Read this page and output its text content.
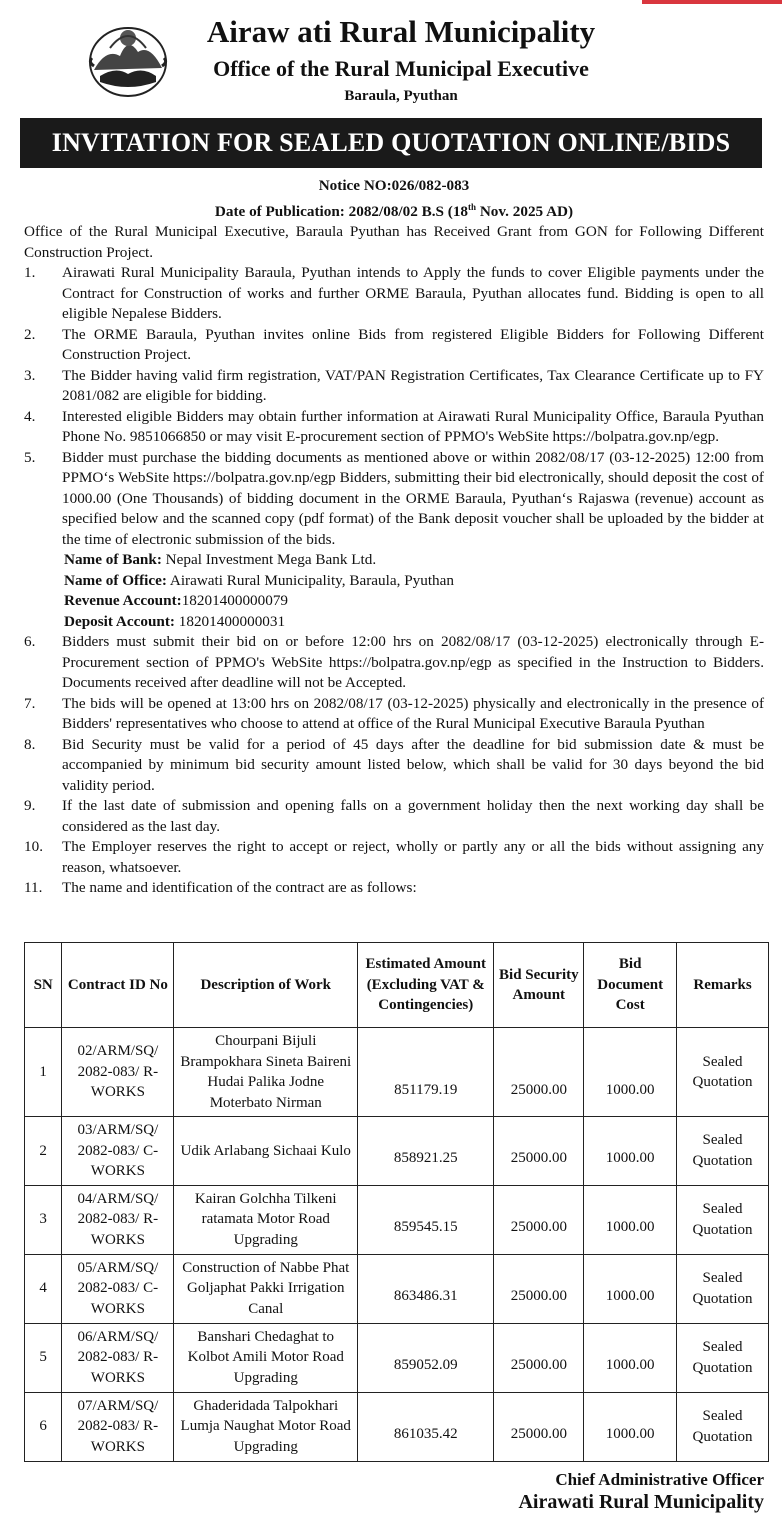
Airaw ati Rural Municipality
Office of the Rural Municipal Executive
Baraula, Pyuthan
INVITATION FOR SEALED QUOTATION ONLINE/BIDS
Notice NO:026/082-083
Date of Publication: 2082/08/02 B.S (18th Nov. 2025 AD)
Office of the Rural Municipal Executive, Baraula Pyuthan has Received Grant from GON for Following Different Construction Project.
1.	Airawati Rural Municipality Baraula, Pyuthan intends to Apply the funds to cover Eligible payments under the Contract for Construction of works and further ORME Baraula, Pyuthan allocates fund. Bidding is open to all eligible Nepalese Bidders.
2.	The ORME Baraula, Pyuthan invites online Bids from registered Eligible Bidders for Following Different Construction Project.
3.	The Bidder having valid firm registration, VAT/PAN Registration Certificates, Tax Clearance Certificate up to FY 2081/082 are eligible for bidding.
4.	Interested eligible Bidders may obtain further information at Airawati Rural Municipality Office, Baraula Pyuthan Phone No. 9851066850 or may visit E-procurement section of PPMO's WebSite https://bolpatra.gov.np/egp.
5.	Bidder must purchase the bidding documents as mentioned above or within 2082/08/17 (03-12-2025) 12:00 from PPMO‘s WebSite https://bolpatra.gov.np/egp Bidders, submitting their bid electronically, should deposit the cost of 1000.00 (One Thousands) of bidding document in the ORME Baraula, Pyuthan‘s Rajaswa (revenue) account as specified below and the scanned copy (pdf format) of the Bank deposit voucher shall be uploaded by the bidder at the time of electronic submission of the bids.
Name of Bank: Nepal Investment Mega Bank Ltd.
Name of Office: Airawati Rural Municipality, Baraula, Pyuthan
Revenue Account:18201400000079
Deposit Account: 18201400000031
6.	Bidders must submit their bid on or before 12:00 hrs on 2082/08/17 (03-12-2025) electronically through E-Procurement section of PPMO's WebSite https://bolpatra.gov.np/egp as specified in the Instruction to Bidders. Documents received after deadline will not be Accepted.
7.	The bids will be opened at 13:00 hrs on 2082/08/17 (03-12-2025) physically and electronically in the presence of Bidders' representatives who choose to attend at office of the Rural Municipal Executive Baraula Pyuthan
8.	Bid Security must be valid for a period of 45 days after the deadline for bid submission date & must be accompanied by minimum bid security amount listed below, which shall be valid for 30 days beyond the bid validity period.
9.	If the last date of submission and opening falls on a government holiday then the next working day shall be considered as the last day.
10.	The Employer reserves the right to accept or reject, wholly or partly any or all the bids without assigning any reason, whatsoever.
11.	The name and identification of the contract are as follows:
SN	Contract ID No	Description of Work	Estimated Amount (Excluding VAT & Contingencies)	Bid Security Amount	Bid Document Cost	Remarks
1	02/ARM/SQ/ 2082-083/ R-WORKS	Chourpani Bijuli Brampokhara Sineta Baireni Hudai Palika Jodne Moterbato Nirman	851179.19	25000.00	1000.00	Sealed Quotation
2	03/ARM/SQ/ 2082-083/ C-WORKS	Udik Arlabang Sichaai Kulo	858921.25	25000.00	1000.00	Sealed Quotation
3	04/ARM/SQ/ 2082-083/ R-WORKS	Kairan Golchha Tilkeni ratamata Motor Road Upgrading	859545.15	25000.00	1000.00	Sealed Quotation
4	05/ARM/SQ/ 2082-083/ C-WORKS	Construction of Nabbe Phat Goljaphat Pakki Irrigation Canal	863486.31	25000.00	1000.00	Sealed Quotation
5	06/ARM/SQ/ 2082-083/ R-WORKS	Banshari Chedaghat to Kolbot Amili Motor Road Upgrading	859052.09	25000.00	1000.00	Sealed Quotation
6	07/ARM/SQ/ 2082-083/ R-WORKS	Ghaderidada Talpokhari Lumja Naughat Motor Road Upgrading	861035.42	25000.00	1000.00	Sealed Quotation
Chief Administrative Officer
Airawati Rural Municipality
